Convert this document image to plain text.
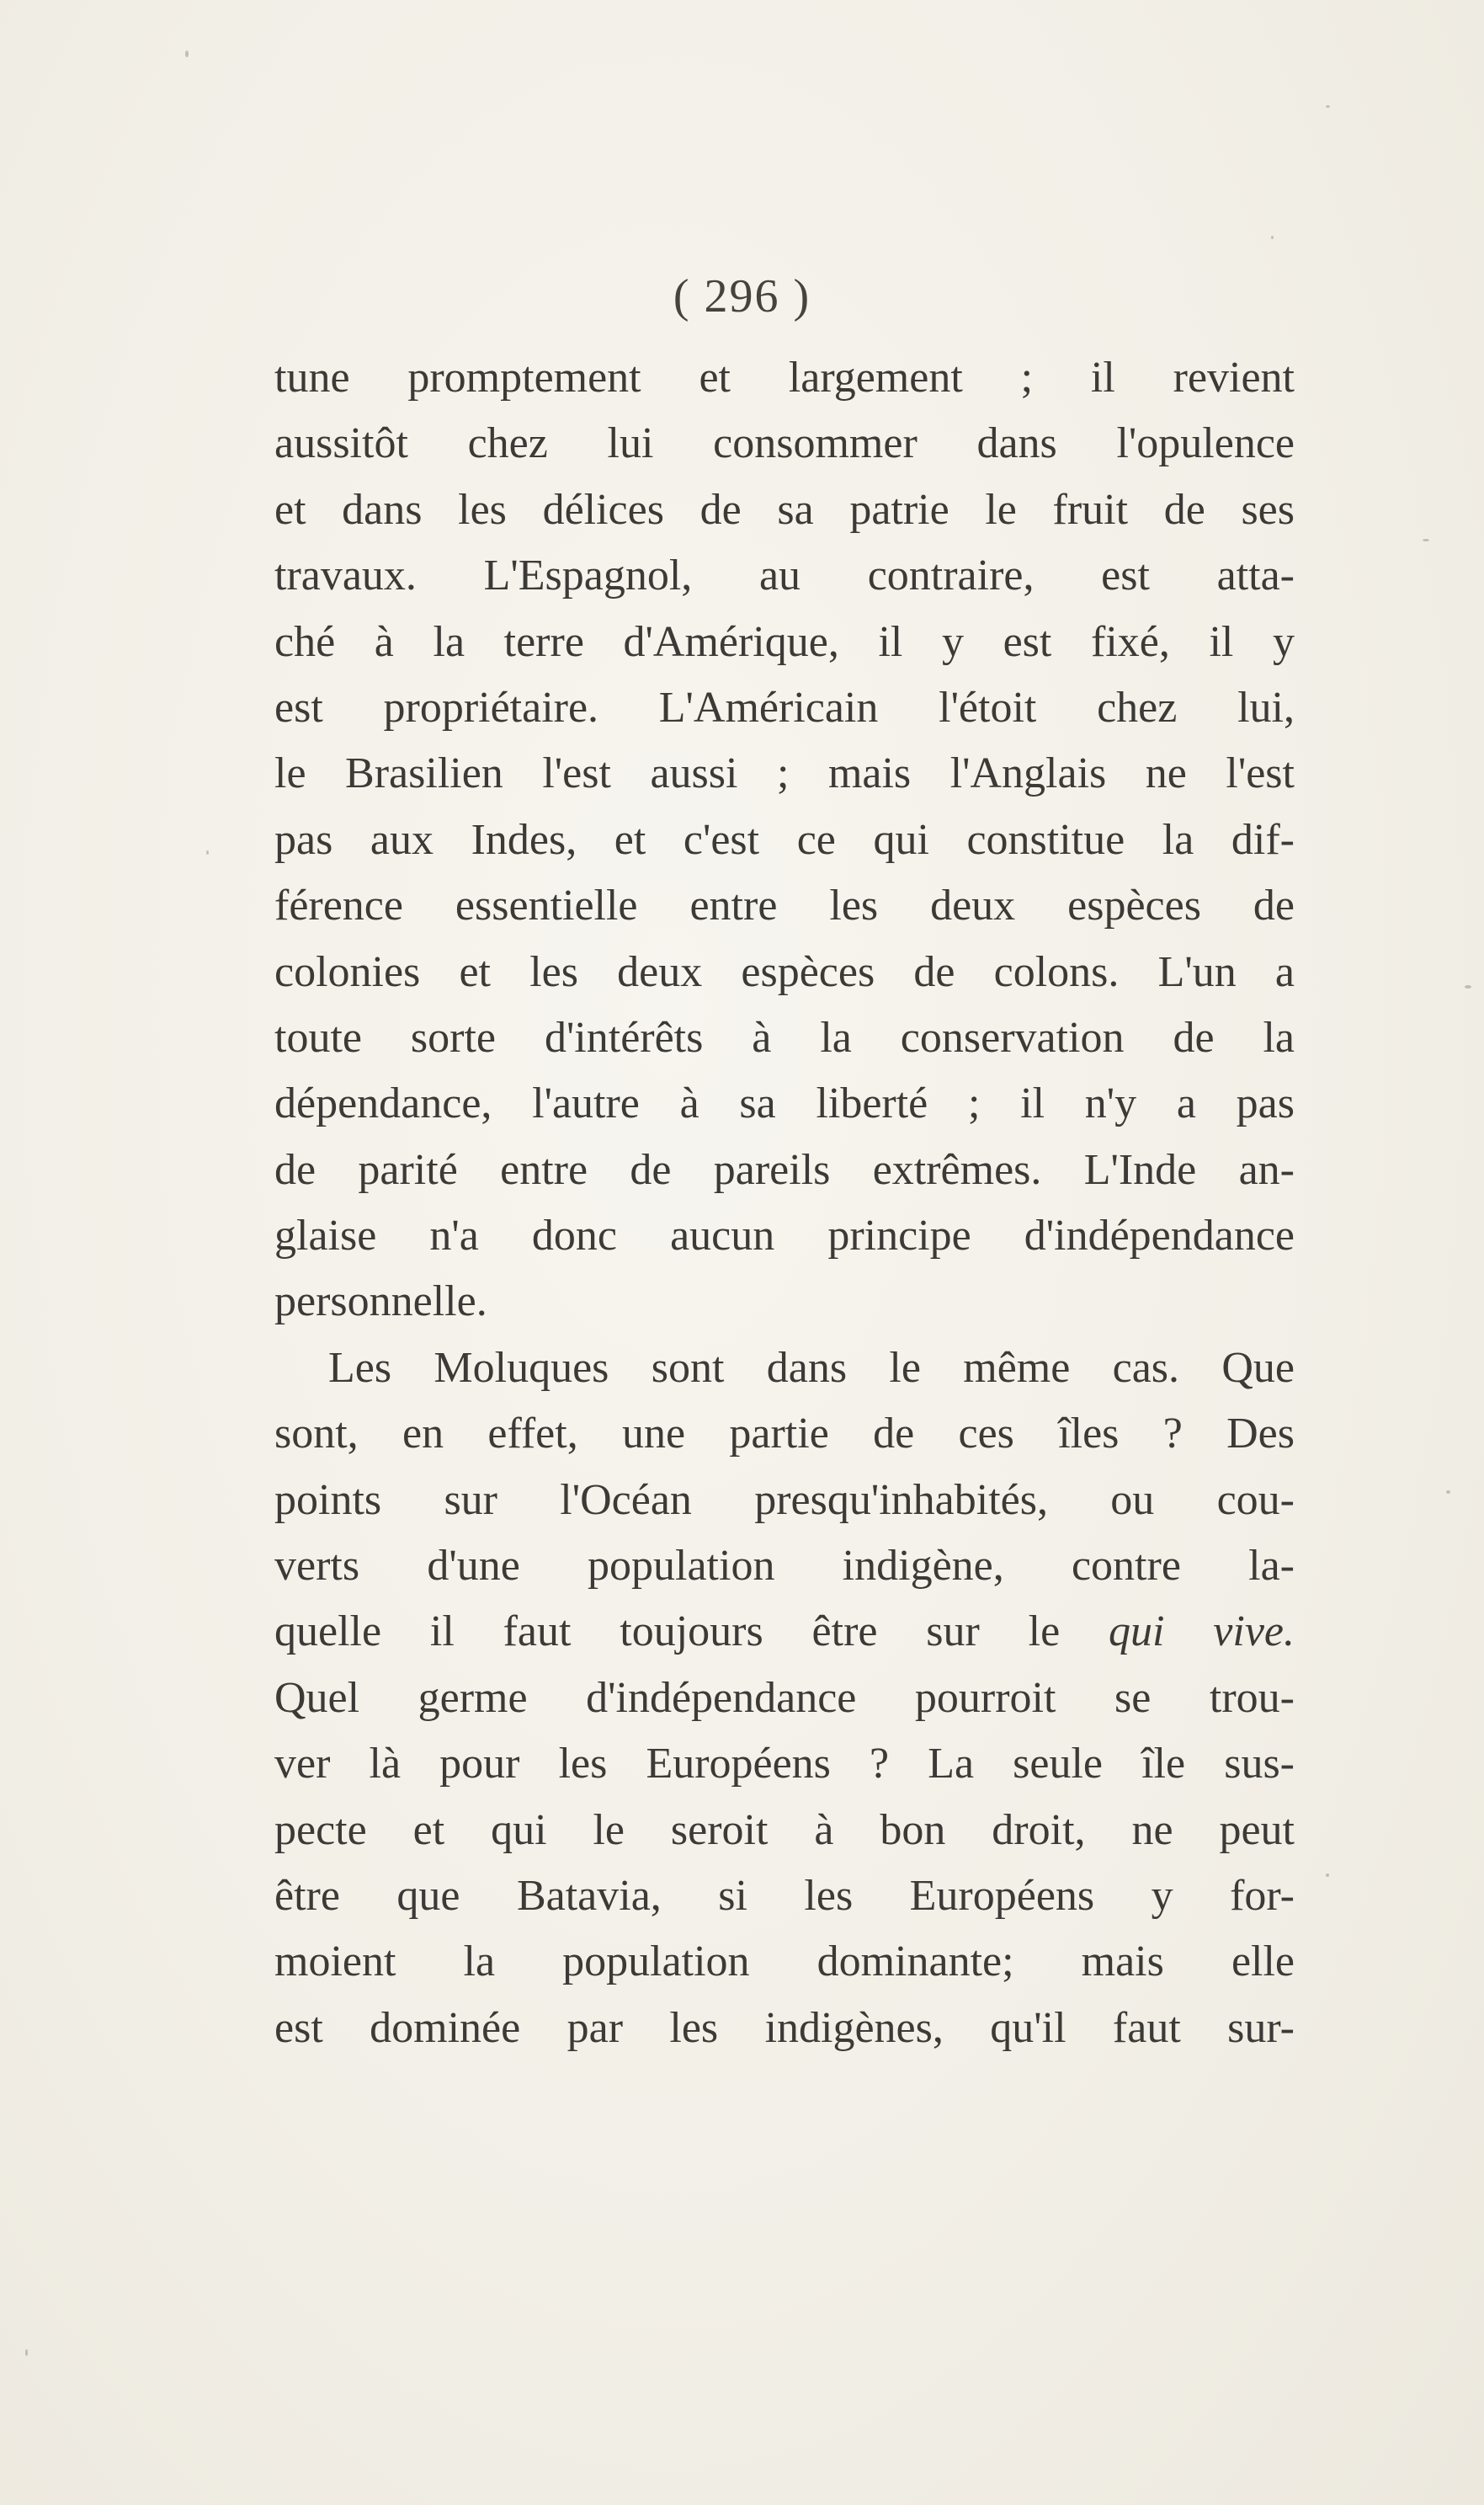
( 296 )
tune promptement et largement ; il revient
aussitôt chez lui consommer dans l'opulence
et dans les délices de sa patrie le fruit de ses
travaux. L'Espagnol, au contraire, est atta-
ché à la terre d'Amérique, il y est fixé, il y
est propriétaire. L'Américain l'étoit chez lui,
le Brasilien l'est aussi ; mais l'Anglais ne l'est
pas aux Indes, et c'est ce qui constitue la dif-
férence essentielle entre les deux espèces de
colonies et les deux espèces de colons. L'un a
toute sorte d'intérêts à la conservation de la
dépendance, l'autre à sa liberté ; il n'y a pas
de parité entre de pareils extrêmes. L'Inde an-
glaise n'a donc aucun principe d'indépendance
personnelle.
Les Moluques sont dans le même cas. Que
sont, en effet, une partie de ces îles ? Des
points sur l'Océan presqu'inhabités, ou cou-
verts d'une population indigène, contre la-
quelle il faut toujours être sur le qui vive.
Quel germe d'indépendance pourroit se trou-
ver là pour les Européens ? La seule île sus-
pecte et qui le seroit à bon droit, ne peut
être que Batavia, si les Européens y for-
moient la population dominante; mais elle
est dominée par les indigènes, qu'il faut sur-
